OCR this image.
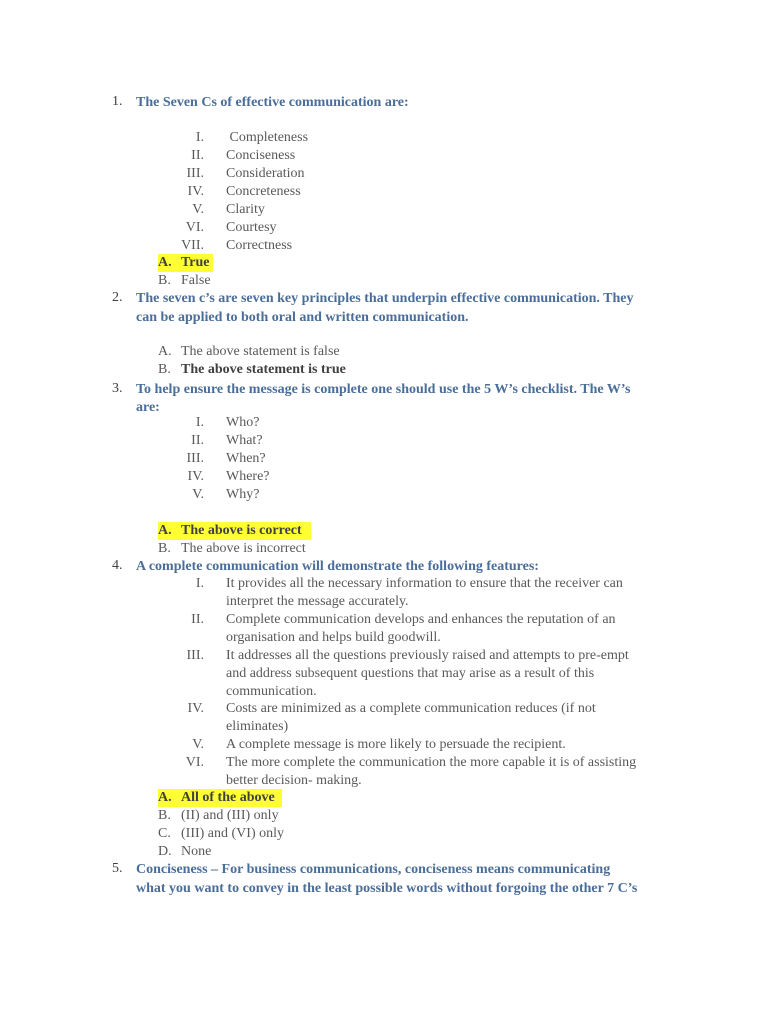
1. The Seven Cs of effective communication are:
I. Completeness
II. Conciseness
III. Consideration
IV. Concreteness
V. Clarity
VI. Courtesy
VII. Correctness
A. True
B. False
2. The seven c’s are seven key principles that underpin effective communication. They
can be applied to both oral and written communication.
A. The above statement is false
B. The above statement is true
3. To help ensure the message is complete one should use the 5 W’s checklist. The W’s
are:
I. Who?
II. What?
III. When?
IV. Where?
V. Why?
A. The above is correct
B. The above is incorrect
4. A complete communication will demonstrate the following features:
I. It provides all the necessary information to ensure that the receiver can
interpret the message accurately.
II. Complete communication develops and enhances the reputation of an
organisation and helps build goodwill.
III. It addresses all the questions previously raised and attempts to pre-empt
and address subsequent questions that may arise as a result of this
communication.
IV. Costs are minimized as a complete communication reduces (if not
eliminates)
V. A complete message is more likely to persuade the recipient.
VI. The more complete the communication the more capable it is of assisting
better decision- making.
A. All of the above
B. (II) and (III) only
C. (III) and (VI) only
D. None
5. Conciseness – For business communications, conciseness means communicating
what you want to convey in the least possible words without forgoing the other 7 C’s
